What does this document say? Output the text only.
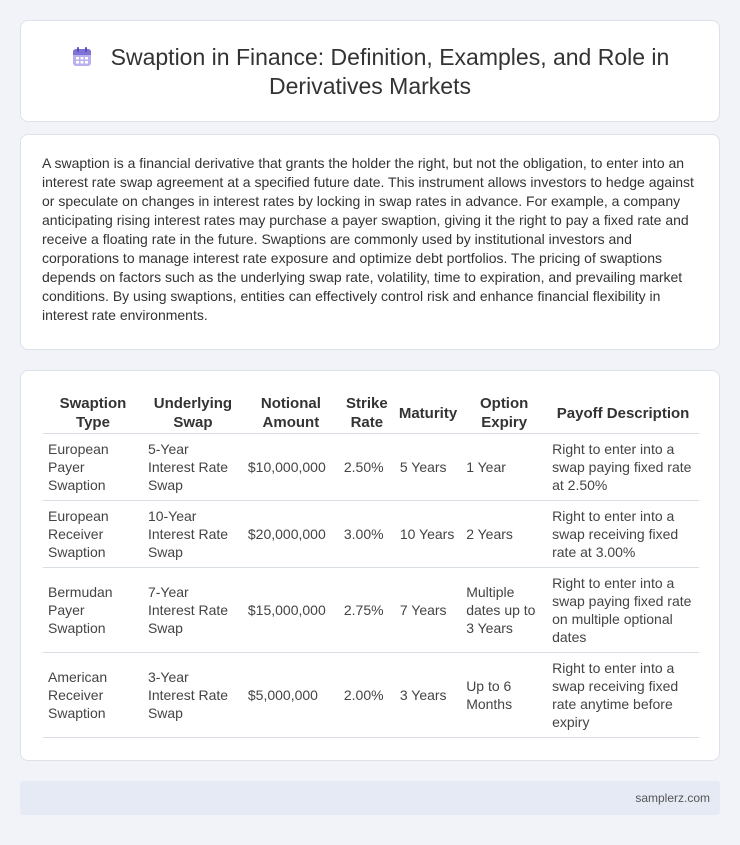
Swaption in Finance: Definition, Examples, and Role in Derivatives Markets

A swaption is a financial derivative that grants the holder the right, but not the obligation, to enter into an interest rate swap agreement at a specified future date. This instrument allows investors to hedge against or speculate on changes in interest rates by locking in swap rates in advance. For example, a company anticipating rising interest rates may purchase a payer swaption, giving it the right to pay a fixed rate and receive a floating rate in the future. Swaptions are commonly used by institutional investors and corporations to manage interest rate exposure and optimize debt portfolios. The pricing of swaptions depends on factors such as the underlying swap rate, volatility, time to expiration, and prevailing market conditions. By using swaptions, entities can effectively control risk and enhance financial flexibility in interest rate environments.

Swaption Type	Underlying Swap	Notional Amount	Strike Rate	Maturity	Option Expiry	Payoff Description
European Payer Swaption	5-Year Interest Rate Swap	$10,000,000	2.50%	5 Years	1 Year	Right to enter into a swap paying fixed rate at 2.50%
European Receiver Swaption	10-Year Interest Rate Swap	$20,000,000	3.00%	10 Years	2 Years	Right to enter into a swap receiving fixed rate at 3.00%
Bermudan Payer Swaption	7-Year Interest Rate Swap	$15,000,000	2.75%	7 Years	Multiple dates up to 3 Years	Right to enter into a swap paying fixed rate on multiple optional dates
American Receiver Swaption	3-Year Interest Rate Swap	$5,000,000	2.00%	3 Years	Up to 6 Months	Right to enter into a swap receiving fixed rate anytime before expiry
samplerz.com
